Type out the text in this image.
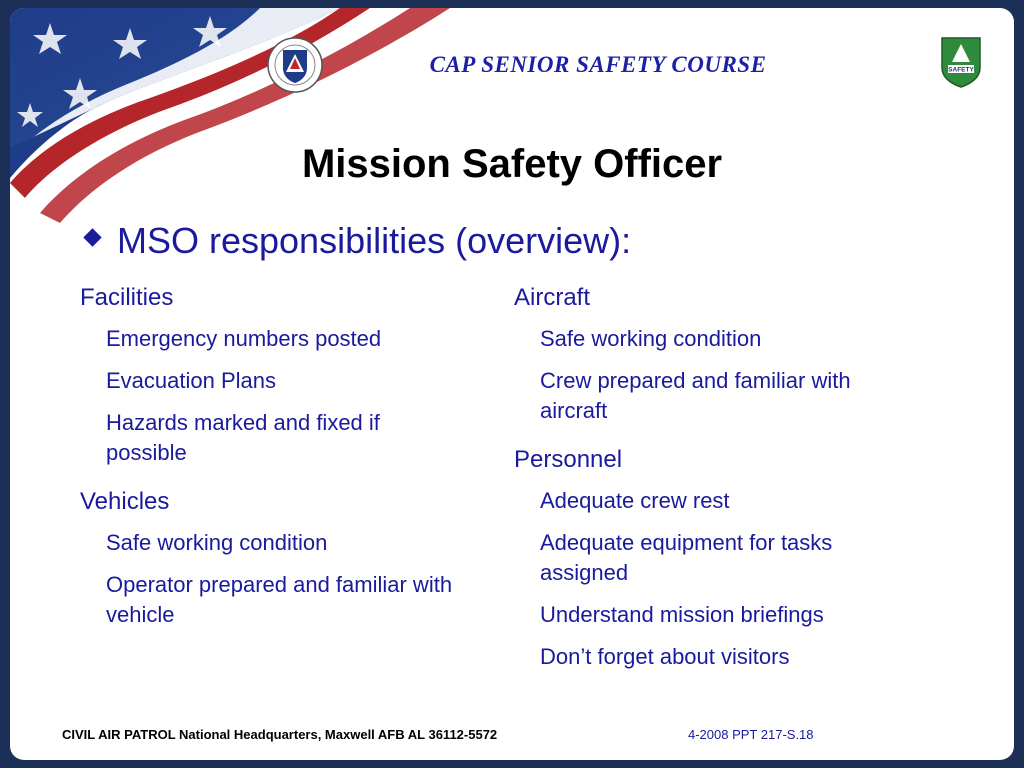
CAP SENIOR SAFETY COURSE	SAFETY
Mission Safety Officer
MSO responsibilities (overview):
Facilities
Emergency numbers posted
Evacuation Plans
Hazards marked and fixed if possible
Vehicles
Safe working condition
Operator prepared and familiar with vehicle
Aircraft
Safe working condition
Crew prepared and familiar with aircraft
Personnel
Adequate crew rest
Adequate equipment for tasks assigned
Understand mission briefings
Don’t forget about visitors
CIVIL AIR PATROL National Headquarters, Maxwell AFB AL 36112-5572	4-2008 PPT 217-S.18
